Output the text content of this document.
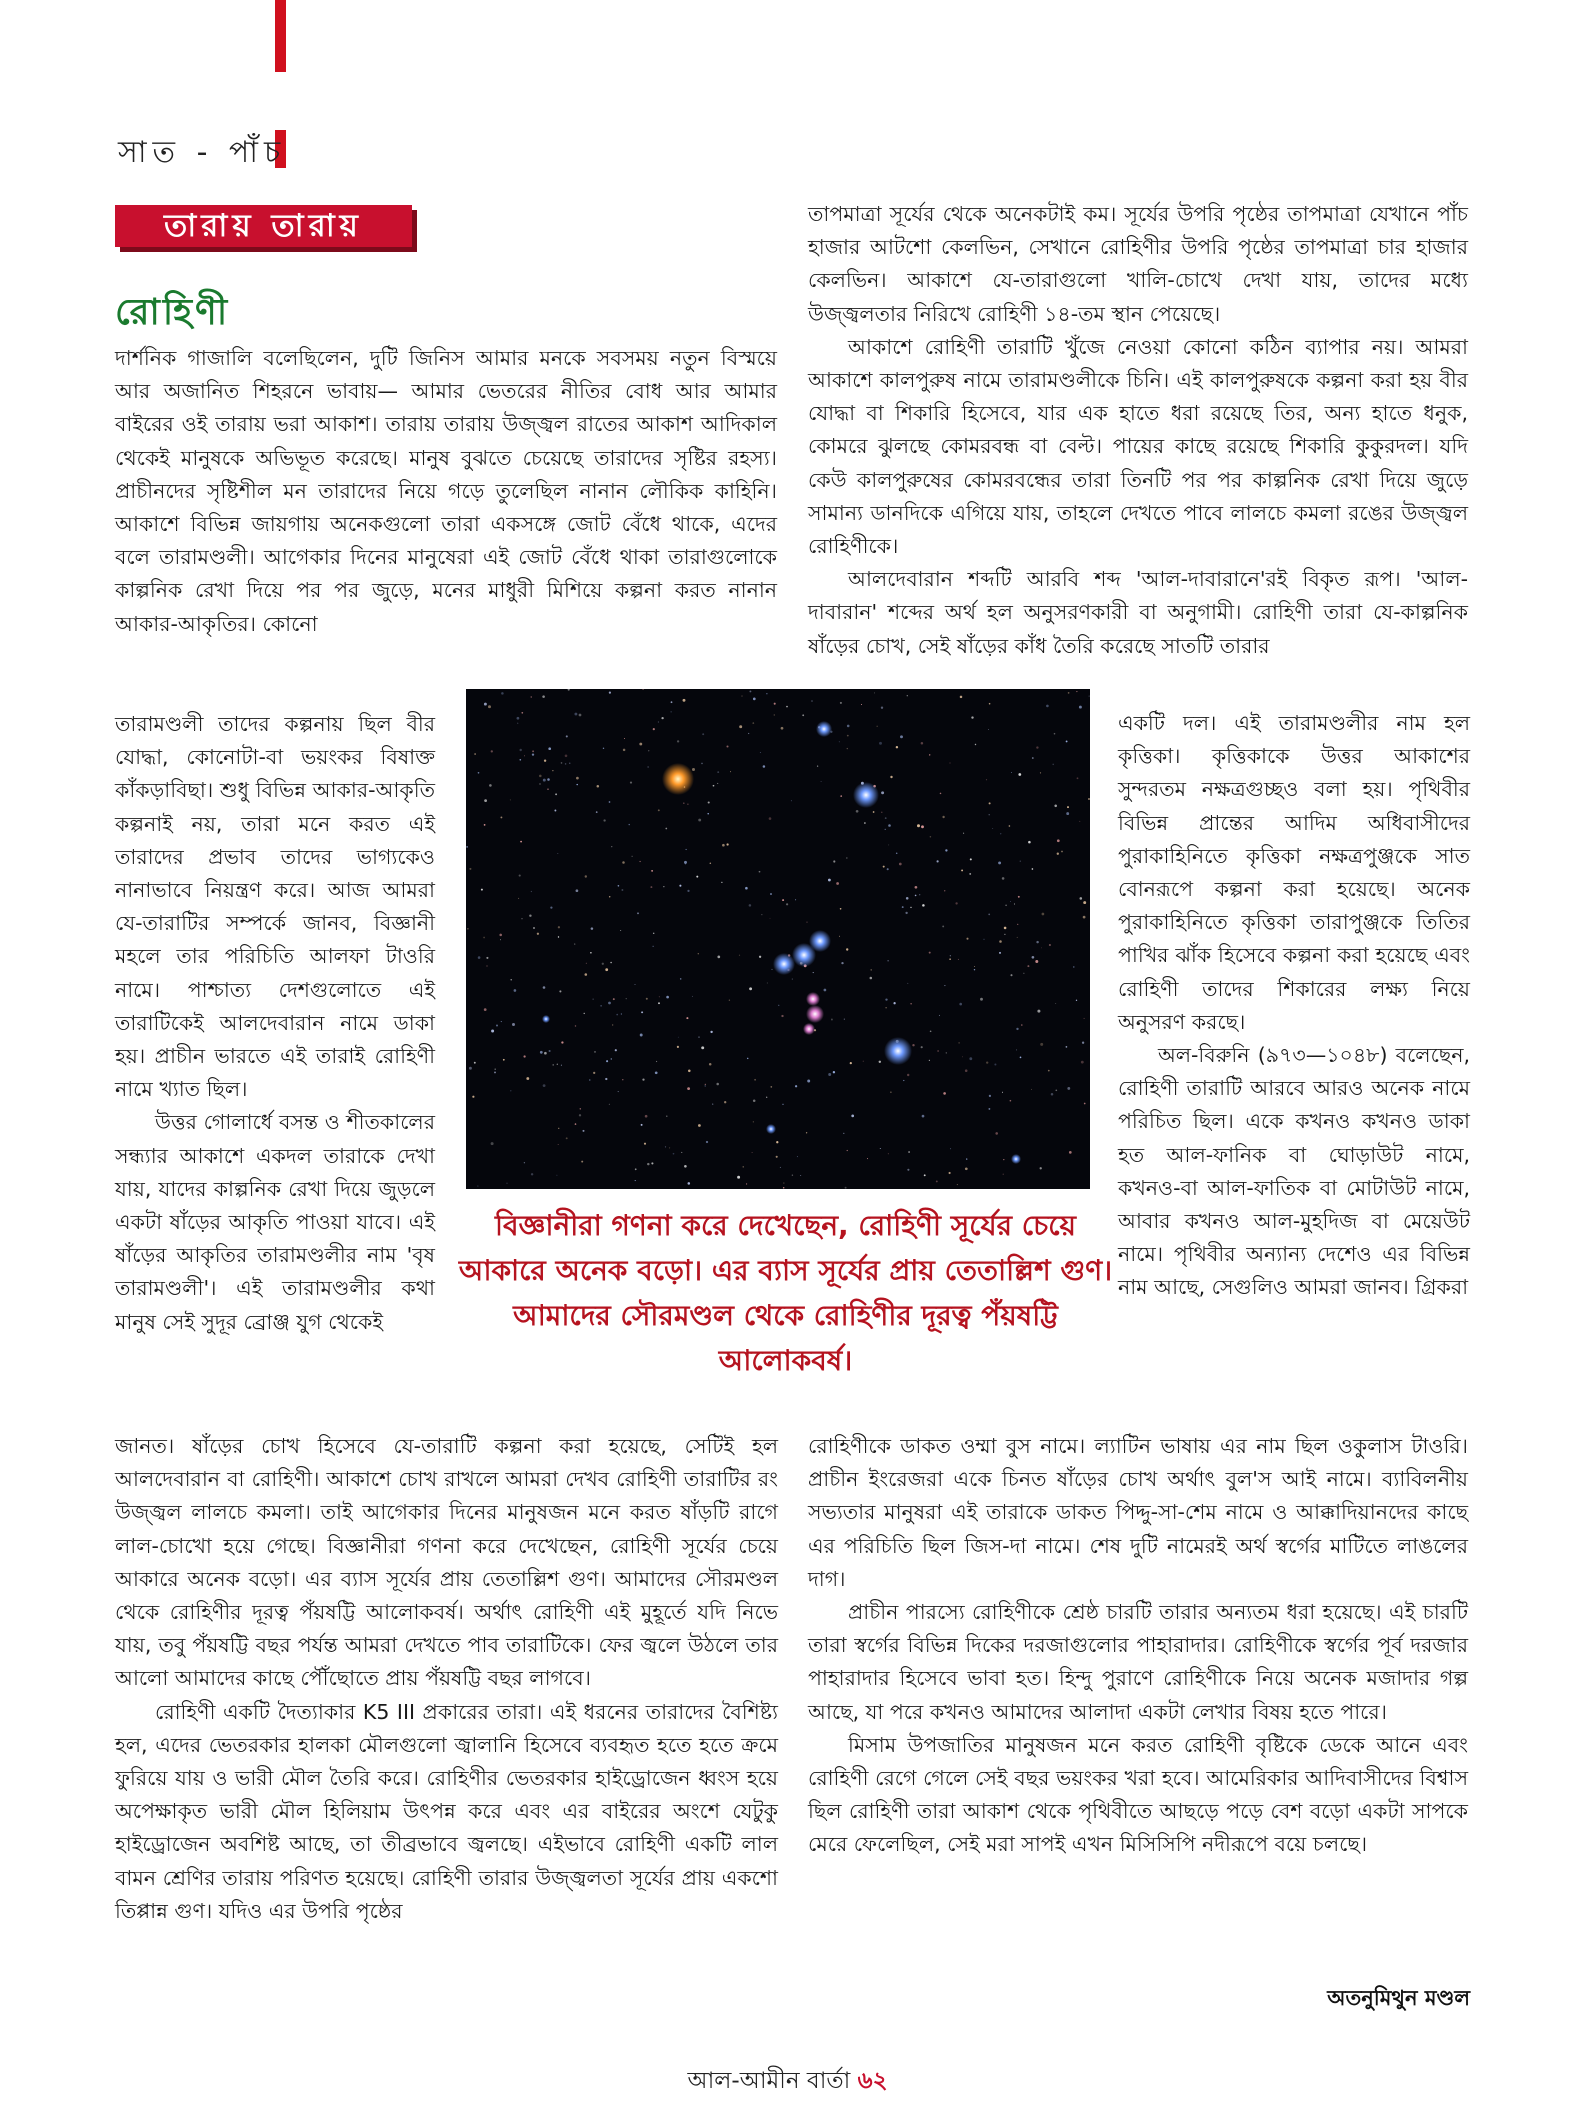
সাত - পাঁচ
তারায় তারায়
রোহিণী

দার্শনিক গাজালি বলেছিলেন, দুটি জিনিস আমার মনকে সবসময় নতুন বিস্ময়ে আর অজানিত শিহরনে ভাবায়— আমার ভেতরের নীতির বোধ আর আমার বাইরের ওই তারায় ভরা আকাশ। তারায় তারায় উজ্জ্বল রাতের আকাশ আদিকাল থেকেই মানুষকে অভিভূত করেছে। মানুষ বুঝতে চেয়েছে তারাদের সৃষ্টির রহস্য। প্রাচীনদের সৃষ্টিশীল মন তারাদের নিয়ে গড়ে তুলেছিল নানান লৌকিক কাহিনি। আকাশে বিভিন্ন জায়গায় অনেকগুলো তারা একসঙ্গে জোট বেঁধে থাকে, এদের বলে তারামণ্ডলী। আগেকার দিনের মানুষেরা এই জোট বেঁধে থাকা তারাগুলোকে কাল্পনিক রেখা দিয়ে পর পর জুড়ে, মনের মাধুরী মিশিয়ে কল্পনা করত নানান আকার-আকৃতির। কোনো

তারামণ্ডলী তাদের কল্পনায় ছিল বীর যোদ্ধা, কোনোটা-বা ভয়ংকর বিষাক্ত কাঁকড়াবিছা। শুধু বিভিন্ন আকার-আকৃতি কল্পনাই নয়, তারা মনে করত এই তারাদের প্রভাব তাদের ভাগ্যকেও নানাভাবে নিয়ন্ত্রণ করে। আজ আমরা যে-তারাটির সম্পর্কে জানব, বিজ্ঞানী মহলে তার পরিচিতি আলফা টাওরি নামে। পাশ্চাত্য দেশগুলোতে এই তারাটিকেই আলদেবারান নামে ডাকা হয়। প্রাচীন ভারতে এই তারাই রোহিণী নামে খ্যাত ছিল।

উত্তর গোলার্ধে বসন্ত ও শীতকালের সন্ধ্যার আকাশে একদল তারাকে দেখা যায়, যাদের কাল্পনিক রেখা দিয়ে জুড়লে একটা ষাঁড়ের আকৃতি পাওয়া যাবে। এই ষাঁড়ের আকৃতির তারামণ্ডলীর নাম 'বৃষ তারামণ্ডলী'। এই তারামণ্ডলীর কথা মানুষ সেই সুদূর ব্রোঞ্জ যুগ থেকেই

জানত। ষাঁড়ের চোখ হিসেবে যে-তারাটি কল্পনা করা হয়েছে, সেটিই হল আলদেবারান বা রোহিণী। আকাশে চোখ রাখলে আমরা দেখব রোহিণী তারাটির রং উজ্জ্বল লালচে কমলা। তাই আগেকার দিনের মানুষজন মনে করত ষাঁড়টি রাগে লাল-চোখো হয়ে গেছে। বিজ্ঞানীরা গণনা করে দেখেছেন, রোহিণী সূর্যের চেয়ে আকারে অনেক বড়ো। এর ব্যাস সূর্যের প্রায় তেতাল্লিশ গুণ। আমাদের সৌরমণ্ডল থেকে রোহিণীর দূরত্ব পঁয়ষট্টি আলোকবর্ষ। অর্থাৎ রোহিণী এই মুহূর্তে যদি নিভে যায়, তবু পঁয়ষট্টি বছর পর্যন্ত আমরা দেখতে পাব তারাটিকে। ফের জ্বলে উঠলে তার আলো আমাদের কাছে পৌঁছোতে প্রায় পঁয়ষট্টি বছর লাগবে।

রোহিণী একটি দৈত্যাকার K5 III প্রকারের তারা। এই ধরনের তারাদের বৈশিষ্ট্য হল, এদের ভেতরকার হালকা মৌলগুলো জ্বালানি হিসেবে ব্যবহৃত হতে হতে ক্রমে ফুরিয়ে যায় ও ভারী মৌল তৈরি করে। রোহিণীর ভেতরকার হাইড্রোজেন ধ্বংস হয়ে অপেক্ষাকৃত ভারী মৌল হিলিয়াম উৎপন্ন করে এবং এর বাইরের অংশে যেটুকু হাইড্রোজেন অবশিষ্ট আছে, তা তীব্রভাবে জ্বলছে। এইভাবে রোহিণী একটি লাল বামন শ্রেণির তারায় পরিণত হয়েছে। রোহিণী তারার উজ্জ্বলতা সূর্যের প্রায় একশো তিপ্পান্ন গুণ। যদিও এর উপরি পৃষ্ঠের

তাপমাত্রা সূর্যের থেকে অনেকটাই কম। সূর্যের উপরি পৃষ্ঠের তাপমাত্রা যেখানে পাঁচ হাজার আটশো কেলভিন, সেখানে রোহিণীর উপরি পৃষ্ঠের তাপমাত্রা চার হাজার কেলভিন। আকাশে যে-তারাগুলো খালি-চোখে দেখা যায়, তাদের মধ্যে উজ্জ্বলতার নিরিখে রোহিণী ১৪-তম স্থান পেয়েছে।

আকাশে রোহিণী তারাটি খুঁজে নেওয়া কোনো কঠিন ব্যাপার নয়। আমরা আকাশে কালপুরুষ নামে তারামণ্ডলীকে চিনি। এই কালপুরুষকে কল্পনা করা হয় বীর যোদ্ধা বা শিকারি হিসেবে, যার এক হাতে ধরা রয়েছে তির, অন্য হাতে ধনুক, কোমরে ঝুলছে কোমরবন্ধ বা বেল্ট। পায়ের কাছে রয়েছে শিকারি কুকুরদল। যদি কেউ কালপুরুষের কোমরবন্ধের তারা তিনটি পর পর কাল্পনিক রেখা দিয়ে জুড়ে সামান্য ডানদিকে এগিয়ে যায়, তাহলে দেখতে পাবে লালচে কমলা রঙের উজ্জ্বল রোহিণীকে।

আলদেবারান শব্দটি আরবি শব্দ 'আল-দাবারানে'রই বিকৃত রূপ। 'আল-দাবারান' শব্দের অর্থ হল অনুসরণকারী বা অনুগামী। রোহিণী তারা যে-কাল্পনিক ষাঁড়ের চোখ, সেই ষাঁড়ের কাঁধ তৈরি করেছে সাতটি তারার

একটি দল। এই তারামণ্ডলীর নাম হল কৃত্তিকা। কৃত্তিকাকে উত্তর আকাশের সুন্দরতম নক্ষত্রগুচ্ছও বলা হয়। পৃথিবীর বিভিন্ন প্রান্তের আদিম অধিবাসীদের পুরাকাহিনিতে কৃত্তিকা নক্ষত্রপুঞ্জকে সাত বোনরূপে কল্পনা করা হয়েছে। অনেক পুরাকাহিনিতে কৃত্তিকা তারাপুঞ্জকে তিতির পাখির ঝাঁক হিসেবে কল্পনা করা হয়েছে এবং রোহিণী তাদের শিকারের লক্ষ্য নিয়ে অনুসরণ করছে।

অল-বিরুনি (৯৭৩—১০৪৮) বলেছেন, রোহিণী তারাটি আরবে আরও অনেক নামে পরিচিত ছিল। একে কখনও কখনও ডাকা হত আল-ফানিক বা ঘোড়াউট নামে, কখনও-বা আল-ফাতিক বা মোটাউট নামে, আবার কখনও আল-মুহদিজ বা মেয়েউট নামে। পৃথিবীর অন্যান্য দেশেও এর বিভিন্ন নাম আছে, সেগুলিও আমরা জানব। গ্রিকরা

রোহিণীকে ডাকত ওম্মা বুস নামে। ল্যাটিন ভাষায় এর নাম ছিল ওকুলাস টাওরি। প্রাচীন ইংরেজরা একে চিনত ষাঁড়ের চোখ অর্থাৎ বুল'স আই নামে। ব্যাবিলনীয় সভ্যতার মানুষরা এই তারাকে ডাকত পিদ্দু-সা-শেম নামে ও আক্কাদিয়ানদের কাছে এর পরিচিতি ছিল জিস-দা নামে। শেষ দুটি নামেরই অর্থ স্বর্গের মাটিতে লাঙলের দাগ।

প্রাচীন পারস্যে রোহিণীকে শ্রেষ্ঠ চারটি তারার অন্যতম ধরা হয়েছে। এই চারটি তারা স্বর্গের বিভিন্ন দিকের দরজাগুলোর পাহারাদার। রোহিণীকে স্বর্গের পূর্ব দরজার পাহারাদার হিসেবে ভাবা হত। হিন্দু পুরাণে রোহিণীকে নিয়ে অনেক মজাদার গল্প আছে, যা পরে কখনও আমাদের আলাদা একটা লেখার বিষয় হতে পারে।

মিসাম উপজাতির মানুষজন মনে করত রোহিণী বৃষ্টিকে ডেকে আনে এবং রোহিণী রেগে গেলে সেই বছর ভয়ংকর খরা হবে। আমেরিকার আদিবাসীদের বিশ্বাস ছিল রোহিণী তারা আকাশ থেকে পৃথিবীতে আছড়ে পড়ে বেশ বড়ো একটা সাপকে মেরে ফেলেছিল, সেই মরা সাপই এখন মিসিসিপি নদীরূপে বয়ে চলছে।

বিজ্ঞানীরা গণনা করে দেখেছেন, রোহিণী সূর্যের চেয়ে আকারে অনেক বড়ো। এর ব্যাস সূর্যের প্রায় তেতাল্লিশ গুণ। আমাদের সৌরমণ্ডল থেকে রোহিণীর দূরত্ব পঁয়ষট্টি আলোকবর্ষ।

অতনুমিথুন মণ্ডল
আল-আমীন বার্তা ৬২
